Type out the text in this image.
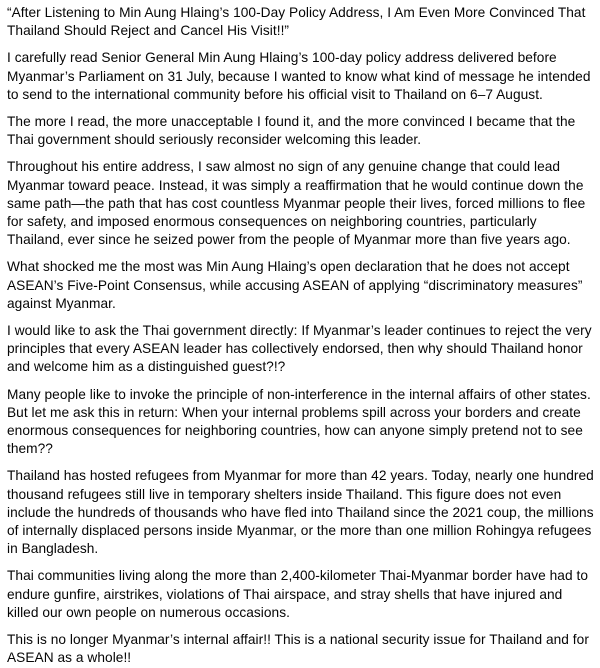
“After Listening to Min Aung Hlaing’s 100-Day Policy Address, I Am Even More Convinced That Thailand Should Reject and Cancel His Visit!!”

I carefully read Senior General Min Aung Hlaing’s 100-day policy address delivered before Myanmar’s Parliament on 31 July, because I wanted to know what kind of message he intended to send to the international community before his official visit to Thailand on 6–7 August.

The more I read, the more unacceptable I found it, and the more convinced I became that the Thai government should seriously reconsider welcoming this leader.

Throughout his entire address, I saw almost no sign of any genuine change that could lead Myanmar toward peace. Instead, it was simply a reaffirmation that he would continue down the same path—the path that has cost countless Myanmar people their lives, forced millions to flee for safety, and imposed enormous consequences on neighboring countries, particularly Thailand, ever since he seized power from the people of Myanmar more than five years ago.

What shocked me the most was Min Aung Hlaing’s open declaration that he does not accept ASEAN’s Five-Point Consensus, while accusing ASEAN of applying “discriminatory measures” against Myanmar.

I would like to ask the Thai government directly: If Myanmar’s leader continues to reject the very principles that every ASEAN leader has collectively endorsed, then why should Thailand honor and welcome him as a distinguished guest?!?

Many people like to invoke the principle of non-interference in the internal affairs of other states. But let me ask this in return: When your internal problems spill across your borders and create enormous consequences for neighboring countries, how can anyone simply pretend not to see them??

Thailand has hosted refugees from Myanmar for more than 42 years. Today, nearly one hundred thousand refugees still live in temporary shelters inside Thailand. This figure does not even include the hundreds of thousands who have fled into Thailand since the 2021 coup, the millions of internally displaced persons inside Myanmar, or the more than one million Rohingya refugees in Bangladesh.

Thai communities living along the more than 2,400-kilometer Thai-Myanmar border have had to endure gunfire, airstrikes, violations of Thai airspace, and stray shells that have injured and killed our own people on numerous occasions.

This is no longer Myanmar’s internal affair!! This is a national security issue for Thailand and for ASEAN as a whole!!
